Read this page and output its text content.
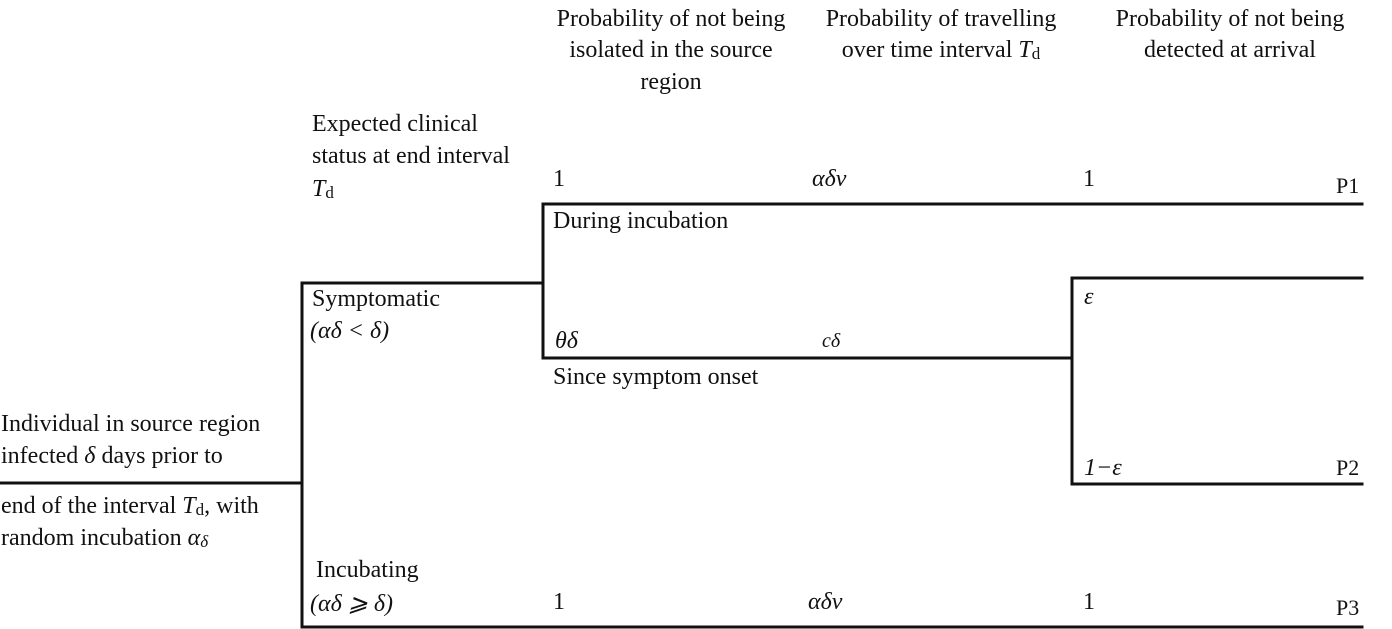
Probability of not being
isolated in the source
region
Probability of travelling
over time interval $T_d$
Probability of not being
detected at arrival
Expected clinical
status at end interval
$T_d$
Individual in source region
infected δ days prior to
end of the interval $T_d$, with
random incubation $\alpha_\delta$
Symptomatic
(αδ < δ)
Incubating
(αδ ⩾ δ)
During incubation
Since symptom onset
1	αδν	1
θδ	cδ
ε
1−ε
1	αδν	1
P1
P2
P3
